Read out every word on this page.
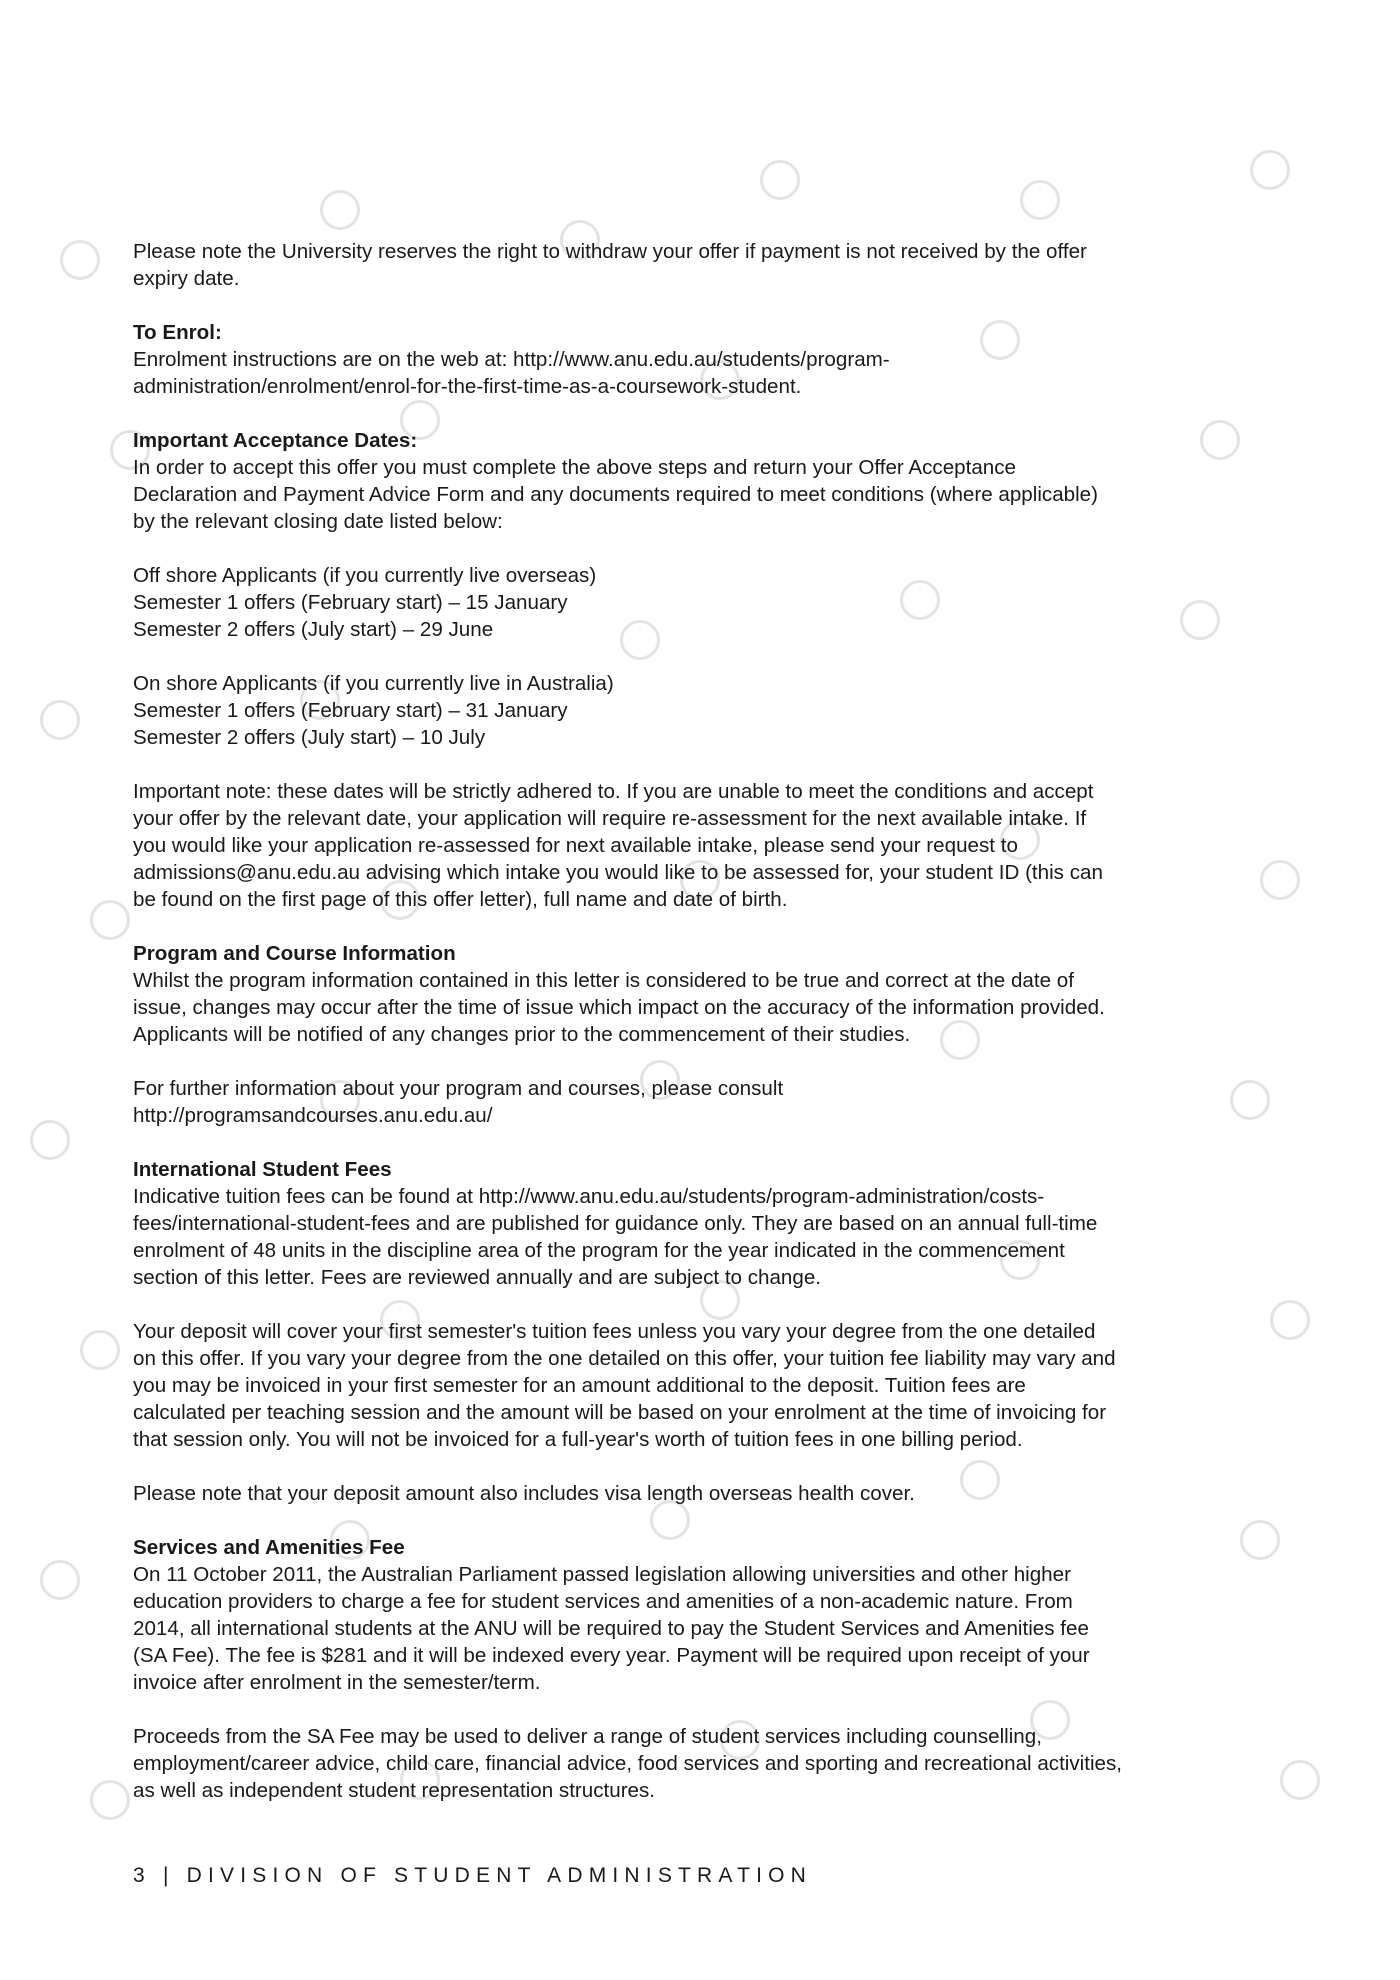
Please note the University reserves the right to withdraw your offer if payment is not received by the offer
expiry date.
To Enrol:
Enrolment instructions are on the web at: http://www.anu.edu.au/students/program-
administration/enrolment/enrol-for-the-first-time-as-a-coursework-student.
Important Acceptance Dates:
In order to accept this offer you must complete the above steps and return your Offer Acceptance
Declaration and Payment Advice Form and any documents required to meet conditions (where applicable)
by the relevant closing date listed below:
Off shore Applicants (if you currently live overseas)
Semester 1 offers (February start) – 15 January
Semester 2 offers (July start) – 29 June
On shore Applicants (if you currently live in Australia)
Semester 1 offers (February start) – 31 January
Semester 2 offers (July start) – 10 July
Important note: these dates will be strictly adhered to. If you are unable to meet the conditions and accept
your offer by the relevant date, your application will require re-assessment for the next available intake. If
you would like your application re-assessed for next available intake, please send your request to
admissions@anu.edu.au advising which intake you would like to be assessed for, your student ID (this can
be found on the first page of this offer letter), full name and date of birth.
Program and Course Information
Whilst the program information contained in this letter is considered to be true and correct at the date of
issue, changes may occur after the time of issue which impact on the accuracy of the information provided.
Applicants will be notified of any changes prior to the commencement of their studies.
For further information about your program and courses, please consult
http://programsandcourses.anu.edu.au/
International Student Fees
Indicative tuition fees can be found at http://www.anu.edu.au/students/program-administration/costs-
fees/international-student-fees and are published for guidance only. They are based on an annual full-time
enrolment of 48 units in the discipline area of the program for the year indicated in the commencement
section of this letter. Fees are reviewed annually and are subject to change.
Your deposit will cover your first semester's tuition fees unless you vary your degree from the one detailed
on this offer. If you vary your degree from the one detailed on this offer, your tuition fee liability may vary and
you may be invoiced in your first semester for an amount additional to the deposit. Tuition fees are
calculated per teaching session and the amount will be based on your enrolment at the time of invoicing for
that session only. You will not be invoiced for a full-year's worth of tuition fees in one billing period.
Please note that your deposit amount also includes visa length overseas health cover.
Services and Amenities Fee
On 11 October 2011, the Australian Parliament passed legislation allowing universities and other higher
education providers to charge a fee for student services and amenities of a non-academic nature. From
2014, all international students at the ANU will be required to pay the Student Services and Amenities fee
(SA Fee). The fee is $281 and it will be indexed every year. Payment will be required upon receipt of your
invoice after enrolment in the semester/term.
Proceeds from the SA Fee may be used to deliver a range of student services including counselling,
employment/career advice, child care, financial advice, food services and sporting and recreational activities,
as well as independent student representation structures.
3 | DIVISION OF STUDENT ADMINISTRATION
